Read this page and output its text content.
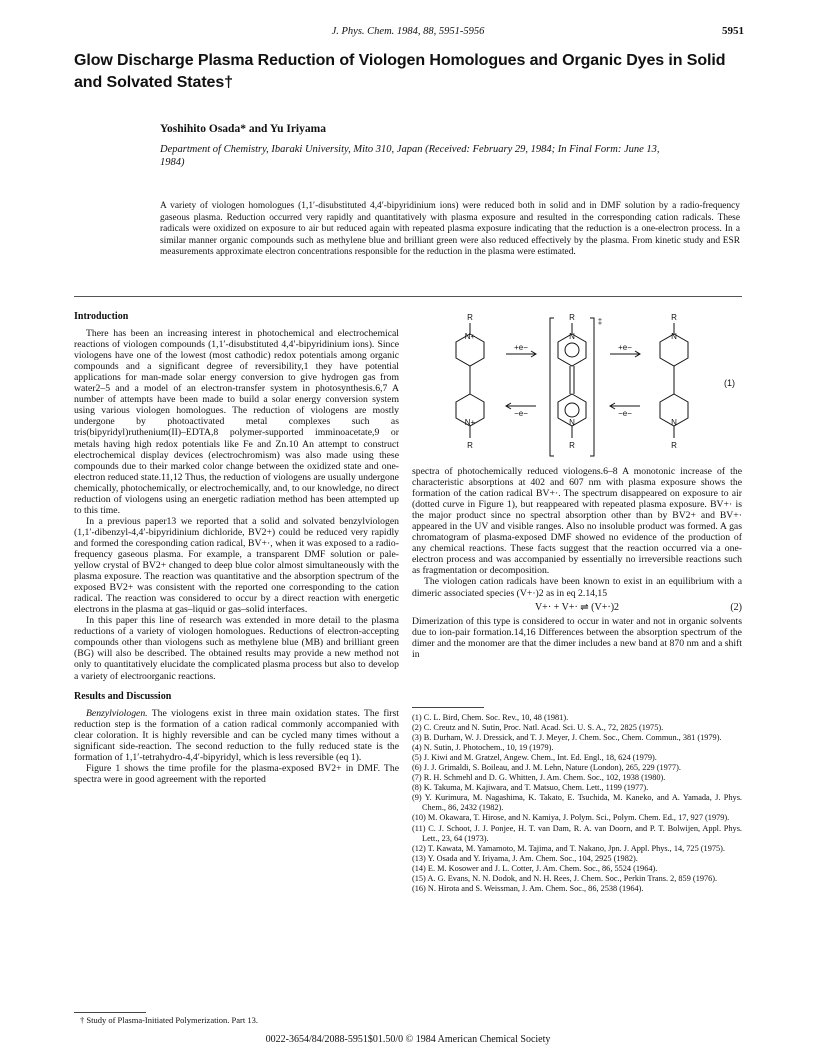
J. Phys. Chem. 1984, 88, 5951-5956	5951
Glow Discharge Plasma Reduction of Viologen Homologues and Organic Dyes in Solid and Solvated States†
Yoshihito Osada* and Yu Iriyama
Department of Chemistry, Ibaraki University, Mito 310, Japan (Received: February 29, 1984; In Final Form: June 13, 1984)
A variety of viologen homologues (1,1′-disubstituted 4,4′-bipyridinium ions) were reduced both in solid and in DMF solution by a radio-frequency gaseous plasma. Reduction occurred very rapidly and quantitatively with plasma exposure and resulted in the corresponding cation radicals. These radicals were oxidized on exposure to air but reduced again with repeated plasma exposure indicating that the reduction is a one-electron process. In a similar manner organic compounds such as methylene blue and brilliant green were also reduced effectively by the plasma. From kinetic study and ESR measurements approximate electron concentrations responsible for the reduction in the plasma were estimated.
Introduction

There has been an increasing interest in photochemical and electrochemical reactions of viologen compounds (1,1′-disubstituted 4,4′-bipyridinium ions). Since viologens have one of the lowest (most cathodic) redox potentials among organic compounds and a significant degree of reversibility,1 they have potential applications for man-made solar energy conversion to give hydrogen gas from water2–5 and a model of an electron-transfer system in photosynthesis.6,7 A number of attempts have been made to build a solar energy conversion system using various viologen homologues. The reduction of viologens are mostly undergone by photoactivated metal complexes such as tris(bipyridyl)ruthenium(II)–EDTA,8 polymer-supported imminoacetate,9 or metals having high redox potentials like Fe and Zn.10 An attempt to construct electrochemical display devices (electrochromism) was also made using these compounds due to their marked color change between the oxidized state and one-electron reduced state.11,12 Thus, the reduction of viologens are usually undergone chemically, photochemically, or electrochemically, and, to our knowledge, no direct reduction of viologens using an energetic radiation method has been attempted up to this time.

In a previous paper13 we reported that a solid and solvated benzylviologen (1,1′-dibenzyl-4,4′-bipyridinium dichloride, BV2+) could be reduced very rapidly and formed the coresponding cation radical, BV+·, when it was exposed to a radio-frequency gaseous plasma. For example, a transparent DMF solution or pale-yellow crystal of BV2+ changed to deep blue color almost simultaneously with the plasma exposure. The reaction was quantitative and the absorption spectrum of the exposed BV2+ was consistent with the reported one corresponding to the cation radical. The reaction was considered to occur by a direct reaction with energetic electrons in the plasma at gas–liquid or gas–solid interfaces.

In this paper this line of research was extended in more detail to the plasma reductions of a variety of viologen homologues. Reductions of electron-accepting compounds other than viologens such as methylene blue (MB) and brilliant green (BG) will also be described. The obtained results may provide a new method not only to quantitatively elucidate the complicated plasma process but also to develop a variety of electroorganic reactions.

Results and Discussion

Benzylviologen. The viologens exist in three main oxidation states. The first reduction step is the formation of a cation radical commonly accompanied with clear coloration. It is highly reversible and can be cycled many times without a significant side-reaction. The second reduction to the fully reduced state is the formation of 1,1′-tetrahydro-4,4′-bipyridyl, which is less reversible (eq 1).

Figure 1 shows the time profile for the plasma-exposed BV2+ in DMF. The spectra were in good agreement with the reported

R
N+
N+
R
+e−
−e−
R
N
N
R
‡
+e−
−e−
R
N
N
R
(1)

spectra of photochemically reduced viologens.6–8 A monotonic increase of the characteristic absorptions at 402 and 607 nm with plasma exposure shows the formation of the cation radical BV+·. The spectrum disappeared on exposure to air (dotted curve in Figure 1), but reappeared with repeated plasma exposure. BV+· is the major product since no spectral absorption other than by BV2+ and BV+· appeared in the UV and visible ranges. Also no insoluble product was formed. A gas chromatogram of plasma-exposed DMF showed no evidence of the production of any chemical reactions. These facts suggest that the reaction occurred via a one-electron process and was accompanied by essentially no irreversible reactions such as fragmentation or decomposition.

The viologen cation radicals have been known to exist in an equilibrium with a dimeric associated species (V+·)2 as in eq 2.14,15

V+· + V+· ⇌ (V+·)2	(2)

Dimerization of this type is considered to occur in water and not in organic solvents due to ion-pair formation.14,16 Differences between the absorption spectrum of the dimer and the monomer are that the dimer includes a new band at 870 nm and a shift in

(1) C. L. Bird, Chem. Soc. Rev., 10, 48 (1981).
(2) C. Creutz and N. Sutin, Proc. Natl. Acad. Sci. U. S. A., 72, 2825 (1975).
(3) B. Durham, W. J. Dressick, and T. J. Meyer, J. Chem. Soc., Chem. Commun., 381 (1979).
(4) N. Sutin, J. Photochem., 10, 19 (1979).
(5) J. Kiwi and M. Gratzel, Angew. Chem., Int. Ed. Engl., 18, 624 (1979).
(6) J. J. Grimaldi, S. Boileau, and J. M. Lehn, Nature (London), 265, 229 (1977).
(7) R. H. Schmehl and D. G. Whitten, J. Am. Chem. Soc., 102, 1938 (1980).
(8) K. Takuma, M. Kajiwara, and T. Matsuo, Chem. Lett., 1199 (1977).
(9) Y. Kurimura, M. Nagashima, K. Takato, E. Tsuchida, M. Kaneko, and A. Yamada, J. Phys. Chem., 86, 2432 (1982).
(10) M. Okawara, T. Hirose, and N. Kamiya, J. Polym. Sci., Polym. Chem. Ed., 17, 927 (1979).
(11) C. J. Schoot, J. J. Ponjee, H. T. van Dam, R. A. van Doorn, and P. T. Bolwijen, Appl. Phys. Lett., 23, 64 (1973).
(12) T. Kawata, M. Yamamoto, M. Tajima, and T. Nakano, Jpn. J. Appl. Phys., 14, 725 (1975).
(13) Y. Osada and Y. Iriyama, J. Am. Chem. Soc., 104, 2925 (1982).
(14) E. M. Kosower and J. L. Cotter, J. Am. Chem. Soc., 86, 5524 (1964).
(15) A. G. Evans, N. N. Dodok, and N. H. Rees, J. Chem. Soc., Perkin Trans. 2, 859 (1976).
(16) N. Hirota and S. Weissman, J. Am. Chem. Soc., 86, 2538 (1964).
† Study of Plasma-Initiated Polymerization. Part 13.
0022-3654/84/2088-5951$01.50/0 © 1984 American Chemical Society
